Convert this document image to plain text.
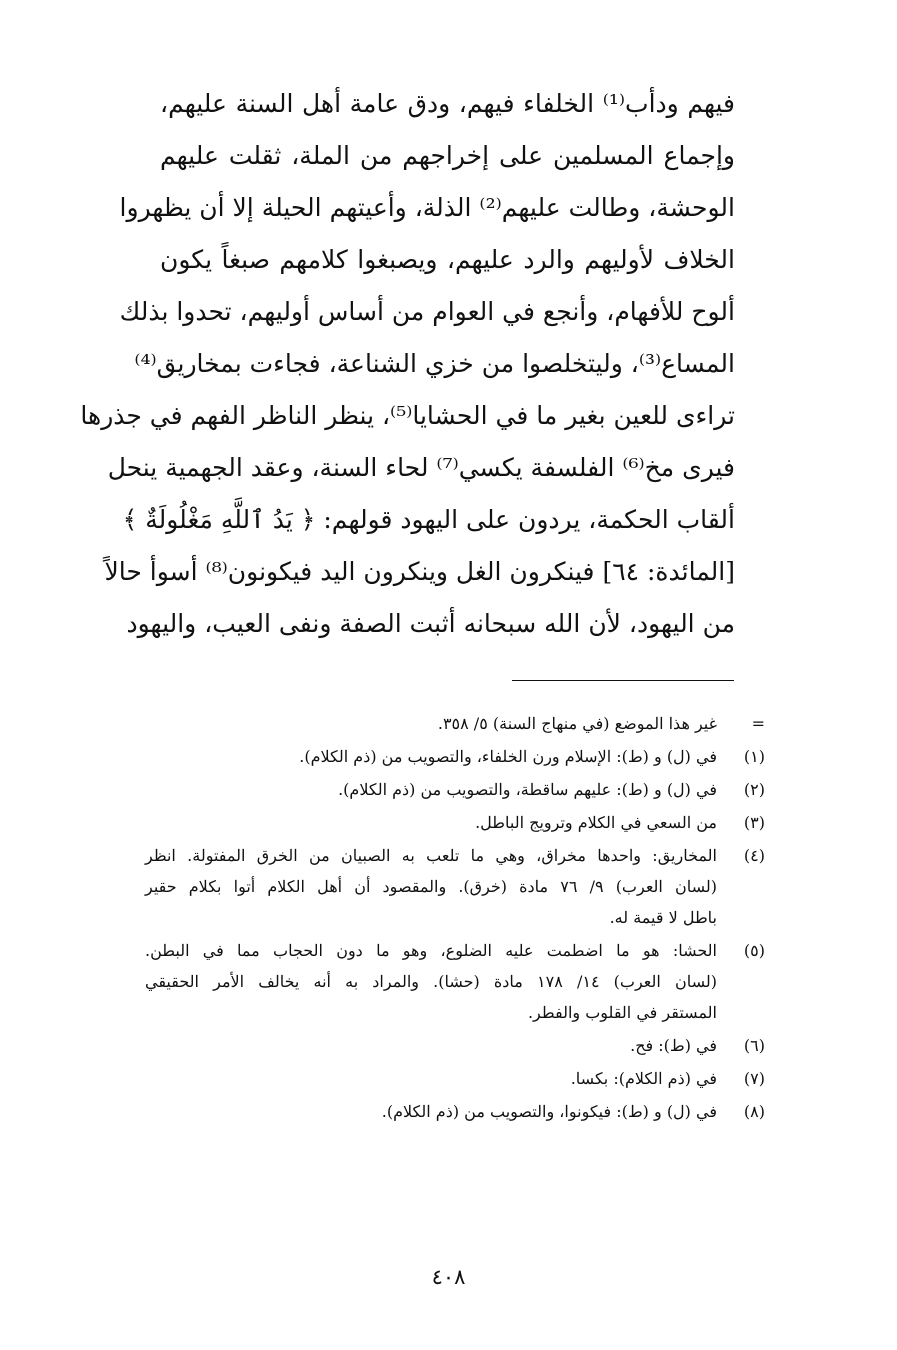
فيهم ودأب⁽¹⁾ الخلفاء فيهم، ودق عامة أهل السنة عليهم،
وإجماع المسلمين على إخراجهم من الملة، ثقلت عليهم
الوحشة، وطالت عليهم⁽²⁾ الذلة، وأعيتهم الحيلة إلا أن يظهروا
الخلاف لأوليهم والرد عليهم، ويصبغوا كلامهم صبغاً يكون
ألوح للأفهام، وأنجع في العوام من أساس أوليهم، تحدوا بذلك
المساع⁽³⁾، وليتخلصوا من خزي الشناعة، فجاءت بمخاريق⁽⁴⁾
تراءى للعين بغير ما في الحشايا⁽⁵⁾، ينظر الناظر الفهم في جذرها
فيرى مخ⁽⁶⁾ الفلسفة يكسي⁽⁷⁾ لحاء السنة، وعقد الجهمية ينحل
ألقاب الحكمة، يردون على اليهود قولهم: ﴿ يَدُ ٱللَّهِ مَغْلُولَةٌ ﴾
[المائدة: ٦٤] فينكرون الغل وينكرون اليد فيكونون⁽⁸⁾ أسوأ حالاً
من اليهود، لأن الله سبحانه أثبت الصفة ونفى العيب، واليهود
=
غير هذا الموضع (في منهاج السنة) ٥/ ٣٥٨.
(١)
في (ل) و (ط): الإسلام ورن الخلفاء، والتصويب من (ذم الكلام).
(٢)
في (ل) و (ط): عليهم ساقطة، والتصويب من (ذم الكلام).
(٣)
من السعي في الكلام وترويج الباطل.
(٤)
المخاريق: واحدها مخراق، وهي ما تلعب به الصبيان من الخرق المفتولة. انظر
(لسان العرب) ٩/ ٧٦ مادة (خرق). والمقصود أن أهل الكلام أتوا بكلام حقير
باطل لا قيمة له.
(٥)
الحشا: هو ما اضطمت عليه الضلوع، وهو ما دون الحجاب مما في البطن.
(لسان العرب) ١٤/ ١٧٨ مادة (حشا). والمراد به أنه يخالف الأمر الحقيقي
المستقر في القلوب والفطر.
(٦)
في (ط): فح.
(٧)
في (ذم الكلام): بكسا.
(٨)
في (ل) و (ط): فيكونوا، والتصويب من (ذم الكلام).
٤٠٨
